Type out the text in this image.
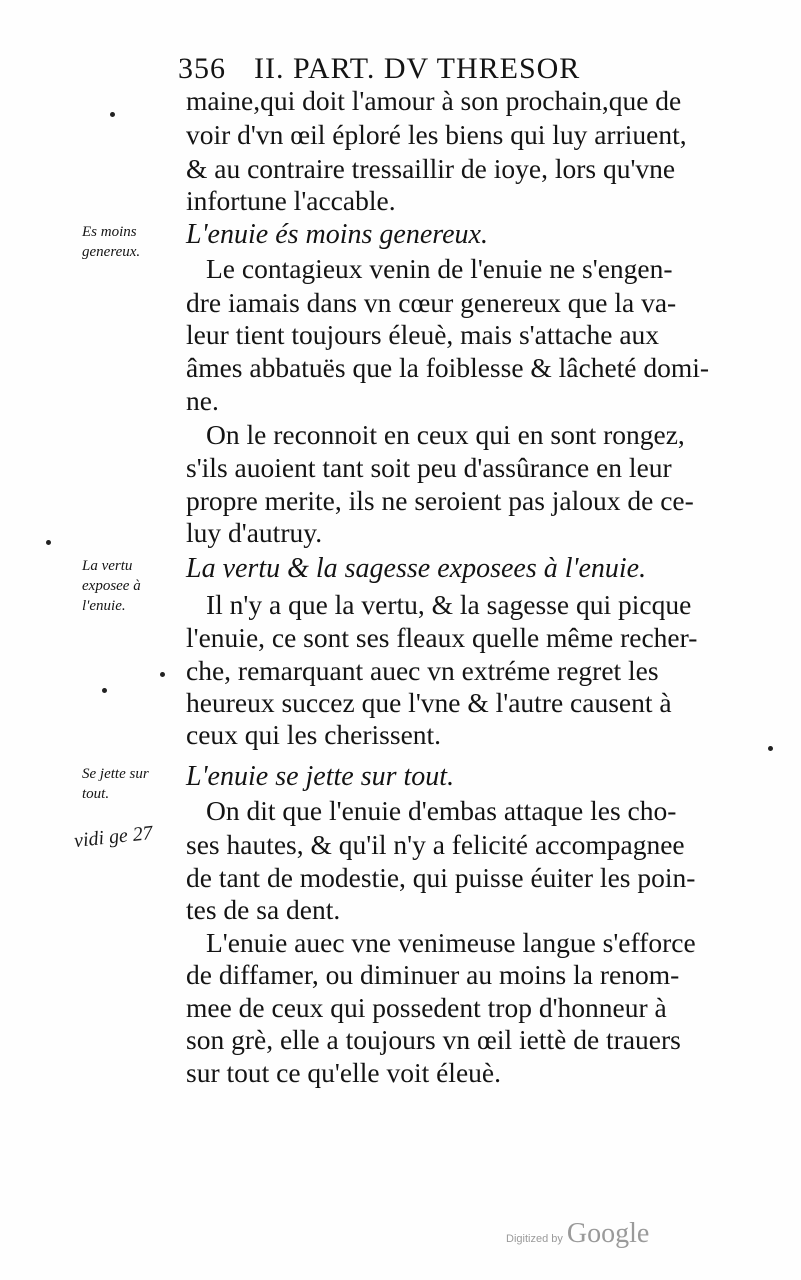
356 II. PART. DV THRESOR
maine,qui doit l'amour à son prochain,que de
voir d'vn œil éploré les biens qui luy arriuent,
& au contraire tressaillir de ioye, lors qu'vne
infortune l'accable.
Es moins genereux.
L'enuie és moins genereux.
Le contagieux venin de l'enuie ne s'engen-
dre iamais dans vn cœur genereux que la va-
leur tient toujours éleuè, mais s'attache aux
âmes abbatuës que la foiblesse & lâcheté domi-
ne.
On le reconnoit en ceux qui en sont rongez,
s'ils auoient tant soit peu d'assûrance en leur
propre merite, ils ne seroient pas jaloux de ce-
luy d'autruy.
La vertu exposee à l'enuie.
La vertu & la sagesse exposees à l'enuie.
Il n'y a que la vertu, & la sagesse qui picque
l'enuie, ce sont ses fleaux quelle même recher-
che, remarquant auec vn extréme regret les
heureux succez que l'vne & l'autre causent à
ceux qui les cherissent.
Se jette sur tout.
L'enuie se jette sur tout.
On dit que l'enuie d'embas attaque les cho-
ses hautes, & qu'il n'y a felicité accompagnee
de tant de modestie, qui puisse éuiter les poin-
tes de sa dent.
L'enuie auec vne venimeuse langue s'efforce
de diffamer, ou diminuer au moins la renom-
mee de ceux qui possedent trop d'honneur à
son grè, elle a toujours vn œil iettè de trauers
sur tout ce qu'elle voit éleuè.
vidi ge 27
Digitized by Google
